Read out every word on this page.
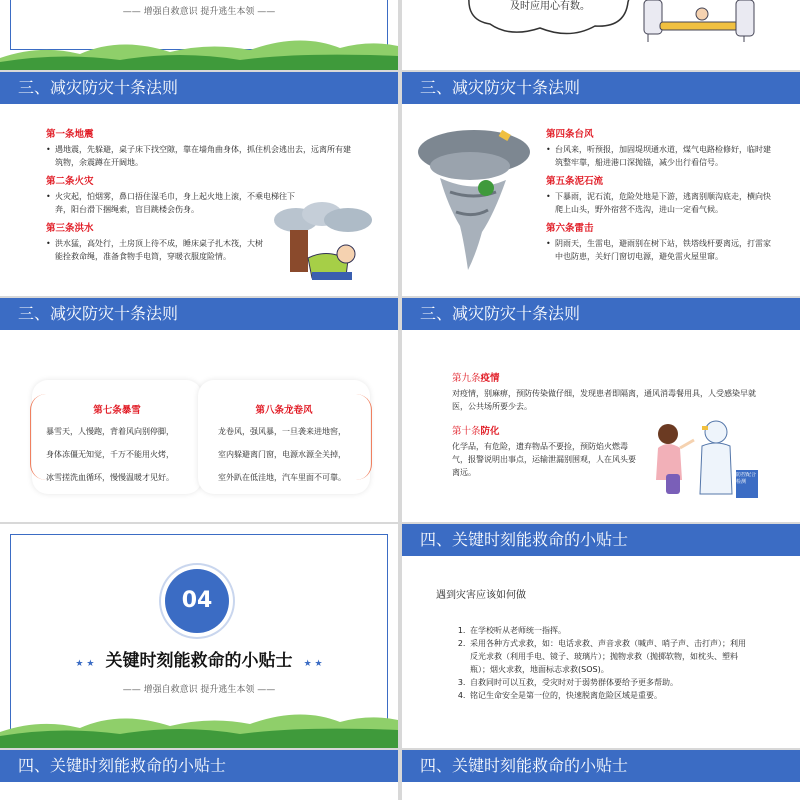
—— 增强自救意识 提升逃生本领 ——	及时应用心有数。
三、减灾防灾十条法则
第一条地震
• 遇地震，先躲避，桌子床下找空隙，靠在墙角曲身体，抓住机会逃出去，远离所有建筑物，余震蹲在开阔地。
第二条火灾
• 火灾起，怕烟雾，鼻口捂住湿毛巾，身上起火地上滚，不乘电梯往下奔，阳台滑下捆绳索，盲目跳楼会伤身。
第三条洪水
• 洪水猛，高处行，土房顶上待不成，睡床桌子扎木筏，大树能拴救命绳，准备食物手电筒，穿暖衣服度险情。
三、减灾防灾十条法则
第四条台风
• 台风来，听预报，加固堤坝通水道，煤气电路检修好，临时建筑整牢靠，船进港口深抛锚，减少出行看信号。
第五条泥石流
• 下暴雨，泥石流，危险处地是下游，逃离别顺沟底走，横向快爬上山头，野外宿营不选沟，进山一定看气候。
第六条雷击
• 阴雨天，生雷电，避雨别在树下站，铁塔线杆要离远，打雷家中也防患，关好门窗切电源，避免雷火屋里窜。
三、减灾防灾十条法则
第七条暴雪
暴雪天，人慢跑，背着风向别停脚，
身体冻僵无知觉，千万不能用火烤，
冰雪搓洗血循环，慢慢温暖才见好。
第八条龙卷风
龙卷风，强风暴，一旦袭来进地窖，
室内躲避离门窗，电源水源全关掉，
室外趴在低洼地，汽车里面不可靠。
三、减灾防灾十条法则
第九条疫情
对疫情，别麻痹，预防传染做仔细，发现患者即隔离，通风消毒餐用具，人受感染早就医，公共场所要少去。
第十条防化
化学品，有危险，遗弃物品不要捡，预防焰火燃毒气，报警说明出事点，运输泄漏别围观，人在风头要离远。	防控配合检测
04
★ ★ 关键时刻能救命的小贴士 ★ ★
—— 增强自救意识 提升逃生本领 ——
四、关键时刻能救命的小贴士
遇到灾害应该如何做
1. 在学校听从老师统一指挥。
2. 采用各种方式求救，如：电话求救、声音求救（喊声、哨子声、击打声）；利用反光求救（利用手电、镜子、玻璃片）；抛物求救（抛掷软物，如枕头、塑料瓶）；烟火求救，地面标志求救(SOS)。
3. 自救同时可以互救，受灾时对于弱势群体要给予更多帮助。
4. 铭记生命安全是第一位的，快速脱离危险区域是重要。
四、关键时刻能救命的小贴士	四、关键时刻能救命的小贴士
